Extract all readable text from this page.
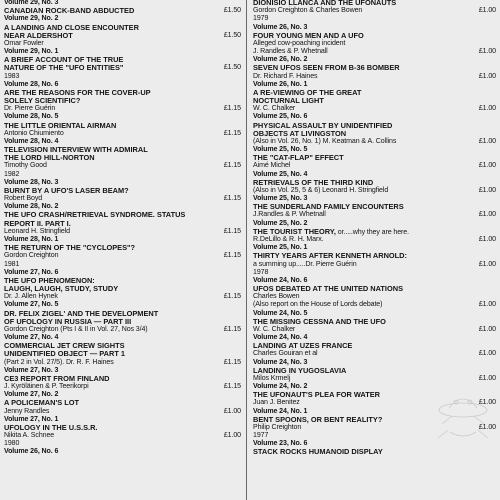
Volume 29, No. 3
CANADIAN ROCK-BAND ABDUCTED	£1.50
Volume 29, No. 2
A LANDING AND CLOSE ENCOUNTER
NEAR ALDERSHOT	£1.50
Omar Fowler
Volume 29, No. 1
A BRIEF ACCOUNT OF THE TRUE
NATURE OF THE "UFO ENTITIES"	£1.50
1983
Volume 28, No. 6
ARE THE REASONS FOR THE COVER-UP
SOLELY SCIENTIFIC?
Dr. Pierre Guérin	£1.15
Volume 28, No. 5
THE LITTLE ORIENTAL AIRMAN
Antonio Chiumiento	£1.15
Volume 28, No. 4
TELEVISION INTERVIEW WITH ADMIRAL
THE LORD HILL-NORTON
Timothy Good	£1.15
1982
Volume 28, No. 3
BURNT BY A UFO'S LASER BEAM?
Robert Boyd	£1.15
Volume 28, No. 2
THE UFO CRASH/RETRIEVAL SYNDROME. STATUS
REPORT II. PART I.
Leonard H. Stringfield	£1.15
Volume 28, No. 1
THE RETURN OF THE "CYCLOPES"?
Gordon Creighton	£1.15
1981
Volume 27, No. 6
THE UFO PHENOMENON:
LAUGH, LAUGH, STUDY, STUDY
Dr. J. Allen Hynek	£1.15
Volume 27, No. 5
DR. FELIX ZIGEL' AND THE DEVELOPMENT
OF UFOLOGY IN RUSSIA — PART III
Gordon Creighton (Pts I & II in Vol. 27, Nos 3/4)	£1.15
Volume 27, No. 4
COMMERCIAL JET CREW SIGHTS
UNIDENTIFIED OBJECT — PART 1
(Part 2 in Vol. 27/5). Dr. R. F. Haines	£1.15
Volume 27, No. 3
CE3 REPORT FROM FINLAND
J. Kyröläinen & P. Teerikorpi	£1.15
Volume 27, No. 2
A POLICEMAN'S LOT
Jenny Randles	£1.00
Volume 27, No. 1
UFOLOGY IN THE U.S.S.R.
Nikita A. Schnee	£1.00
1980
Volume 26, No. 6
DIONISIO LLANCA AND THE UFONAUTS
Gordon Creighton & Charles Bowen	£1.00
1979
Volume 26, No. 3
FOUR YOUNG MEN AND A UFO
Alleged cow-poaching incident
J. Randles & P. Whetnall	£1.00
Volume 26, No. 2
SEVEN UFOS SEEN FROM B-36 BOMBER
Dr. Richard F. Haines	£1.00
Volume 26, No. 1
A RE-VIEWING OF THE GREAT
NOCTURNAL LIGHT
W. C. Chalker	£1.00
Volume 25, No. 6
PHYSICAL ASSAULT BY UNIDENTIFIED
OBJECTS AT LIVINGSTON
(Also in Vol. 26, No. 1) M. Keatman & A. Collins	£1.00
Volume 25, No. 5
THE "CAT-FLAP" EFFECT
Aimé Michel	£1.00
Volume 25, No. 4
RETRIEVALS OF THE THIRD KIND
(Also in Vol. 25, 5 & 6) Leonard H. Stringfield	£1.00
Volume 25, No. 3
THE SUNDERLAND FAMILY ENCOUNTERS
J.Randles & P. Whetnall	£1.00
Volume 25, No. 2
THE TOURIST THEORY, or.....why they are here.
R.DeLillo & R. H. Marx.	£1.00
Volume 25, No. 1
THIRTY YEARS AFTER KENNETH ARNOLD:
a summing up.....Dr. Pierre Guérin	£1.00
1978
Volume 24, No. 6
UFOS DEBATED AT THE UNITED NATIONS
Charles Bowen
(Also report on the House of Lords debate)	£1.00
Volume 24, No. 5
THE MISSING CESSNA AND THE UFO
W. C. Chalker	£1.00
Volume 24, No. 4
LANDING AT UZES FRANCE
Charles Gouiran et al	£1.00
Volume 24, No. 3
LANDING IN YUGOSLAVIA
Milos Krmelj	£1.00
Volume 24, No. 2
THE UFONAUT'S PLEA FOR WATER
Juan J. Benitez	£1.00
Volume 24, No. 1
BENT SPOONS, OR BENT REALITY?
Philip Creighton	£1.00
1977
Volume 23, No. 6
STACK ROCKS HUMANOID DISPLAY
